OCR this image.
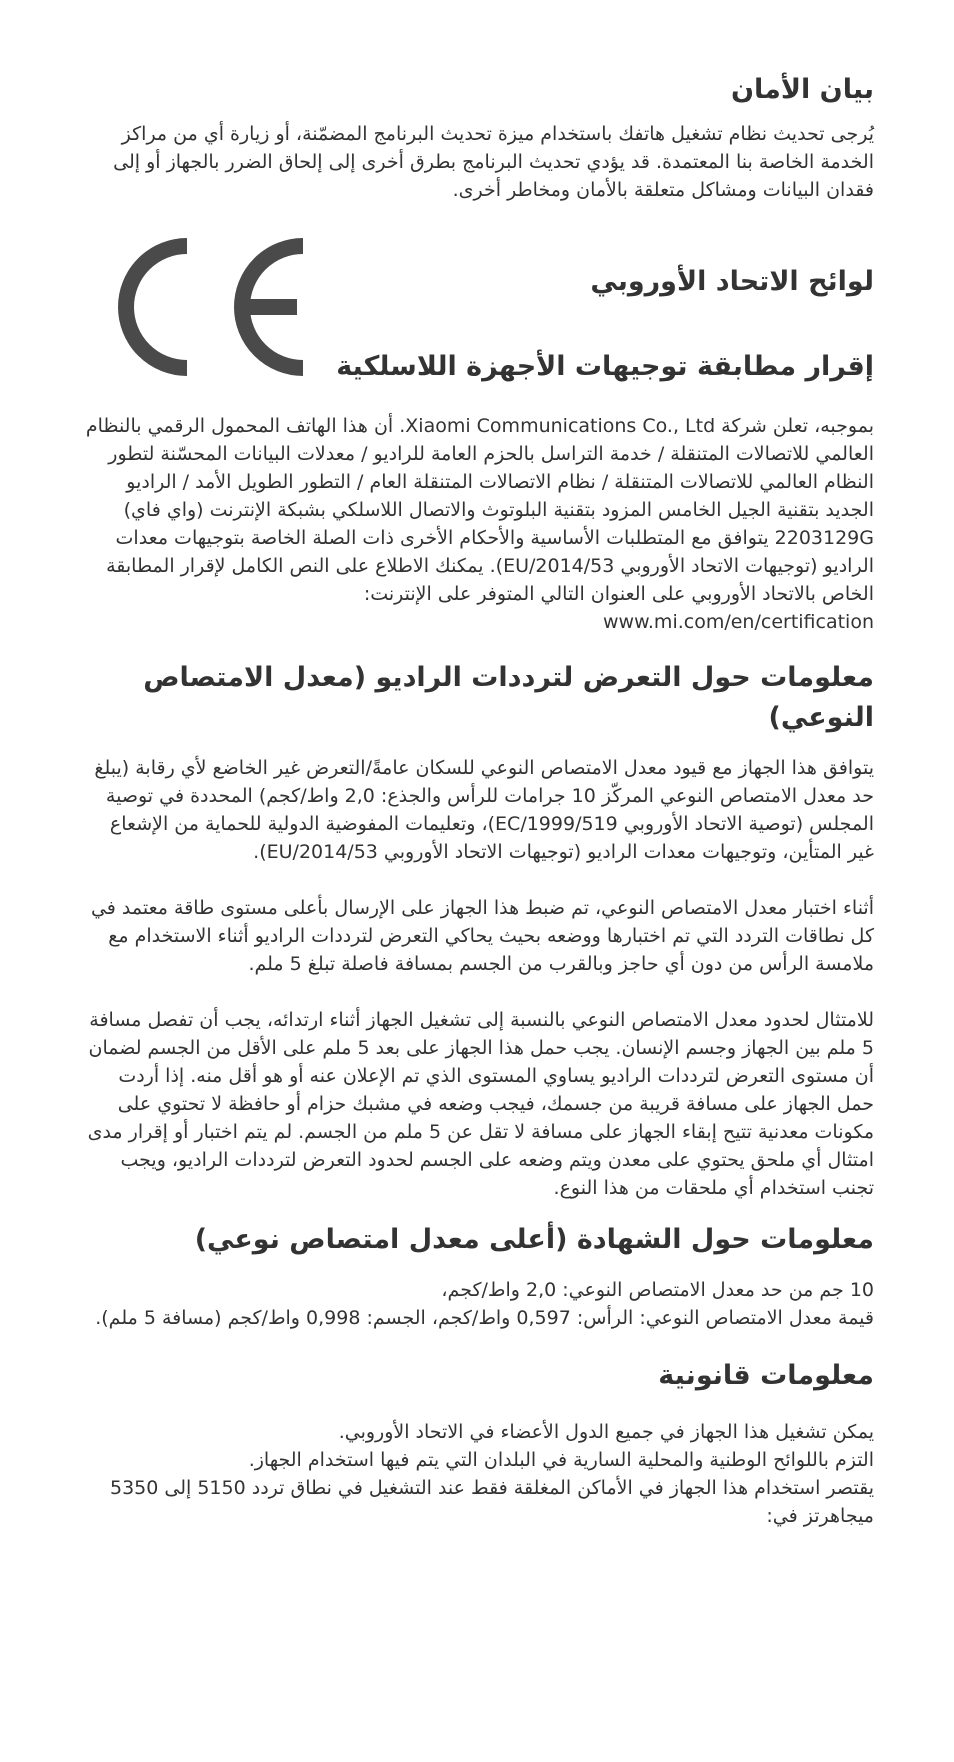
بيان الأمان

يُرجى تحديث نظام تشغيل هاتفك باستخدام ميزة تحديث البرنامج المضمّنة، أو زيارة أي من مراكز الخدمة الخاصة بنا المعتمدة. قد يؤدي تحديث البرنامج بطرق أخرى إلى إلحاق الضرر بالجهاز أو إلى فقدان البيانات ومشاكل متعلقة بالأمان ومخاطر أخرى.

لوائح الاتحاد الأوروبي
إقرار مطابقة توجيهات الأجهزة اللاسلكية

بموجبه، تعلن شركة Xiaomi Communications Co., Ltd. أن هذا الهاتف المحمول الرقمي بالنظام العالمي للاتصالات المتنقلة / خدمة التراسل بالحزم العامة للراديو / معدلات البيانات المحسّنة لتطور النظام العالمي للاتصالات المتنقلة / نظام الاتصالات المتنقلة العام / التطور الطويل الأمد / الراديو الجديد بتقنية الجيل الخامس المزود بتقنية البلوتوث والاتصال اللاسلكي بشبكة الإنترنت (واي فاي) 2203129G يتوافق مع المتطلبات الأساسية والأحكام الأخرى ذات الصلة الخاصة بتوجيهات معدات الراديو (توجيهات الاتحاد الأوروبي 2014/53/EU). يمكنك الاطلاع على النص الكامل لإقرار المطابقة الخاص بالاتحاد الأوروبي على العنوان التالي المتوفر على الإنترنت:

www.mi.com/en/certification

معلومات حول التعرض لترددات الراديو (معدل الامتصاص النوعي)

يتوافق هذا الجهاز مع قيود معدل الامتصاص النوعي للسكان عامةً/التعرض غير الخاضع لأي رقابة (يبلغ حد معدل الامتصاص النوعي المركّز 10 جرامات للرأس والجذع: 2,0 واط/كجم) المحددة في توصية المجلس (توصية الاتحاد الأوروبي 1999/519/EC)، وتعليمات المفوضية الدولية للحماية من الإشعاع غير المتأين، وتوجيهات معدات الراديو (توجيهات الاتحاد الأوروبي 2014/53/EU).

أثناء اختبار معدل الامتصاص النوعي، تم ضبط هذا الجهاز على الإرسال بأعلى مستوى طاقة معتمد في كل نطاقات التردد التي تم اختبارها ووضعه بحيث يحاكي التعرض لترددات الراديو أثناء الاستخدام مع ملامسة الرأس من دون أي حاجز وبالقرب من الجسم بمسافة فاصلة تبلغ 5 ملم.

للامتثال لحدود معدل الامتصاص النوعي بالنسبة إلى تشغيل الجهاز أثناء ارتدائه، يجب أن تفصل مسافة 5 ملم بين الجهاز وجسم الإنسان. يجب حمل هذا الجهاز على بعد 5 ملم على الأقل من الجسم لضمان أن مستوى التعرض لترددات الراديو يساوي المستوى الذي تم الإعلان عنه أو هو أقل منه. إذا أردت حمل الجهاز على مسافة قريبة من جسمك، فيجب وضعه في مشبك حزام أو حافظة لا تحتوي على مكونات معدنية تتيح إبقاء الجهاز على مسافة لا تقل عن 5 ملم من الجسم. لم يتم اختبار أو إقرار مدى امتثال أي ملحق يحتوي على معدن ويتم وضعه على الجسم لحدود التعرض لترددات الراديو، ويجب تجنب استخدام أي ملحقات من هذا النوع.

معلومات حول الشهادة (أعلى معدل امتصاص نوعي)

10 جم من حد معدل الامتصاص النوعي: 2,0 واط/كجم،

قيمة معدل الامتصاص النوعي: الرأس: 0,597 واط/كجم، الجسم: 0,998 واط/كجم (مسافة 5 ملم).

معلومات قانونية

يمكن تشغيل هذا الجهاز في جميع الدول الأعضاء في الاتحاد الأوروبي.

التزم باللوائح الوطنية والمحلية السارية في البلدان التي يتم فيها استخدام الجهاز.

يقتصر استخدام هذا الجهاز في الأماكن المغلقة فقط عند التشغيل في نطاق تردد 5150 إلى 5350 ميجاهرتز في:
